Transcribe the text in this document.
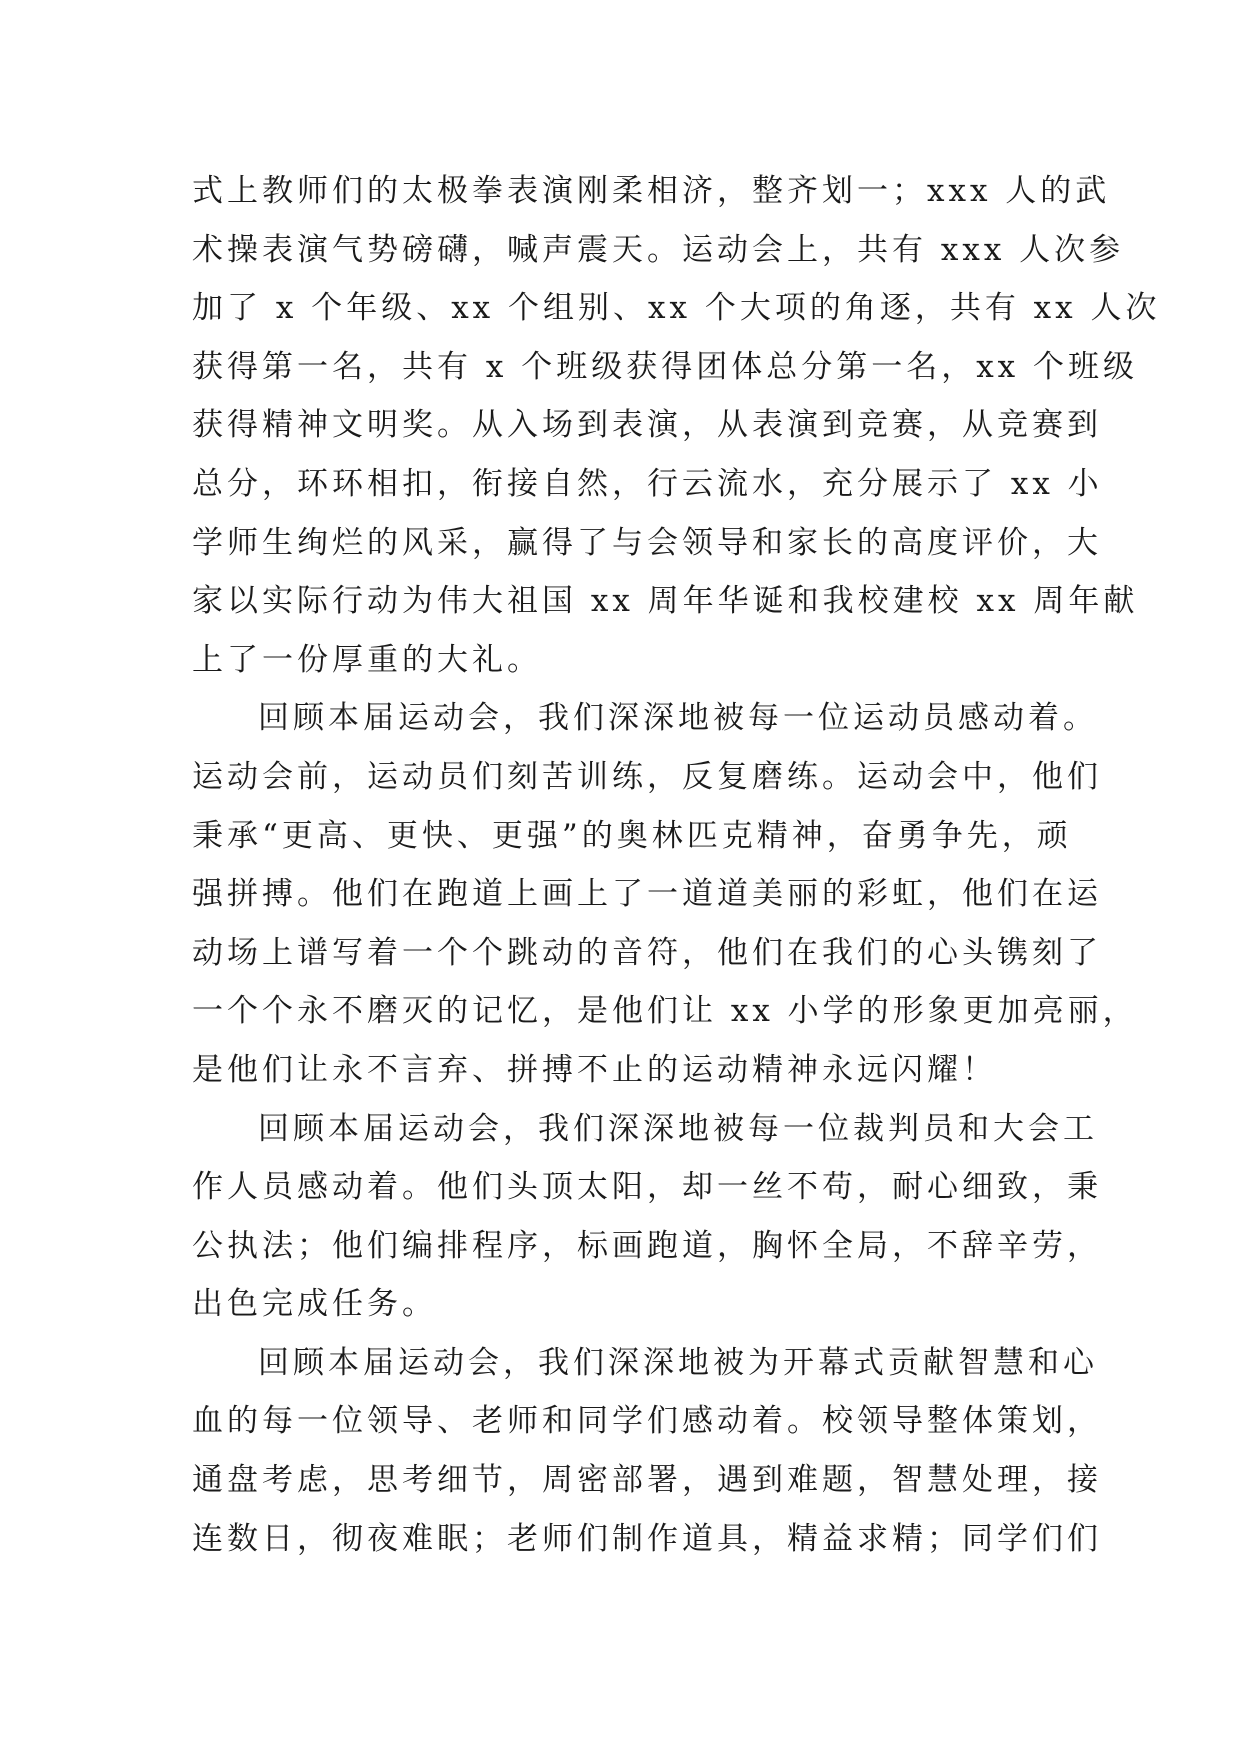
式上教师们的太极拳表演刚柔相济，整齐划一；xxx 人的武
术操表演气势磅礴，喊声震天。运动会上，共有 xxx 人次参
加了 x 个年级、xx 个组别、xx 个大项的角逐，共有 xx 人次
获得第一名，共有 x 个班级获得团体总分第一名，xx 个班级
获得精神文明奖。从入场到表演，从表演到竞赛，从竞赛到
总分，环环相扣，衔接自然，行云流水，充分展示了 xx 小
学师生绚烂的风采，赢得了与会领导和家长的高度评价，大
家以实际行动为伟大祖国 xx 周年华诞和我校建校 xx 周年献
上了一份厚重的大礼。
回顾本届运动会，我们深深地被每一位运动员感动着。
运动会前，运动员们刻苦训练，反复磨练。运动会中，他们
秉承“更高、更快、更强”的奥林匹克精神，奋勇争先，顽
强拼搏。他们在跑道上画上了一道道美丽的彩虹，他们在运
动场上谱写着一个个跳动的音符，他们在我们的心头镌刻了
一个个永不磨灭的记忆，是他们让 xx 小学的形象更加亮丽，
是他们让永不言弃、拼搏不止的运动精神永远闪耀！
回顾本届运动会，我们深深地被每一位裁判员和大会工
作人员感动着。他们头顶太阳，却一丝不苟，耐心细致，秉
公执法；他们编排程序，标画跑道，胸怀全局，不辞辛劳，
出色完成任务。
回顾本届运动会，我们深深地被为开幕式贡献智慧和心
血的每一位领导、老师和同学们感动着。校领导整体策划，
通盘考虑，思考细节，周密部署，遇到难题，智慧处理，接
连数日，彻夜难眠；老师们制作道具，精益求精；同学们们
